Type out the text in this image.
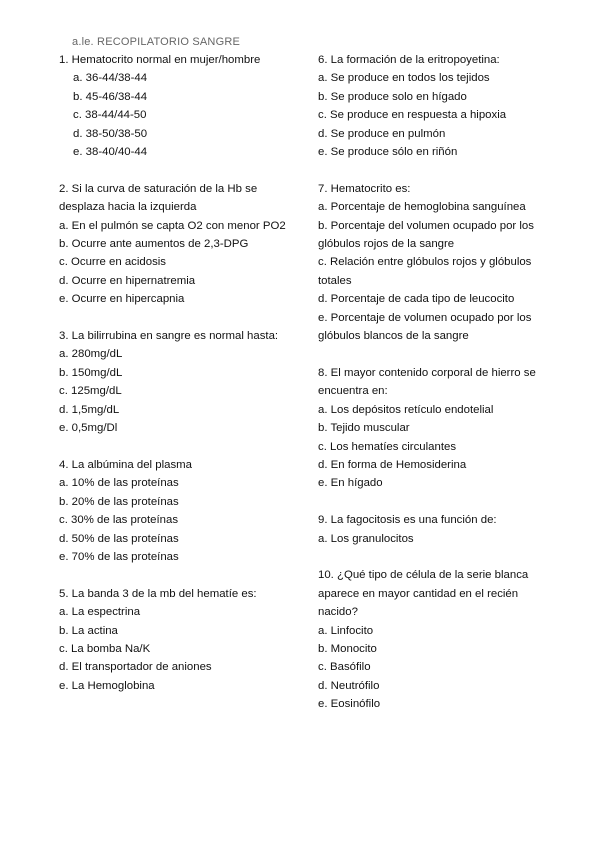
a.le. RECOPILATORIO SANGRE

1. Hematocrito normal en mujer/hombre

a. 36-44/38-44
b. 45-46/38-44
c. 38-44/44-50
d. 38-50/38-50
e. 38-40/40-44

2. Si la curva de saturación de la Hb se desplaza hacia la izquierda

a. En el pulmón se capta O2 con menor PO2
b. Ocurre ante aumentos de 2,3-DPG
c. Ocurre en acidosis
d. Ocurre en hipernatremia
e. Ocurre en hipercapnia

3. La bilirrubina en sangre es normal hasta:

a. 280mg/dL
b. 150mg/dL
c. 125mg/dL
d. 1,5mg/dL
e. 0,5mg/Dl

4. La albúmina del plasma

a. 10% de las proteínas
b. 20% de las proteínas
c. 30% de las proteínas
d. 50% de las proteínas
e. 70% de las proteínas

5. La banda 3 de la mb del hematíe es:

a. La espectrina
b. La actina
c. La bomba Na/K
d. El transportador de aniones
e. La Hemoglobina

6. La formación de la eritropoyetina:

a. Se produce en todos los tejidos
b. Se produce solo en hígado
c. Se produce en respuesta a hipoxia
d. Se produce en pulmón
e. Se produce sólo en riñón

7. Hematocrito es:

a. Porcentaje de hemoglobina sanguínea
b. Porcentaje del volumen ocupado por los glóbulos rojos de la sangre
c. Relación entre glóbulos rojos y glóbulos totales
d. Porcentaje de cada tipo de leucocito
e. Porcentaje de volumen ocupado por los glóbulos blancos de la sangre

8. El mayor contenido corporal de hierro se encuentra en:

a. Los depósitos retículo endotelial
b. Tejido muscular
c. Los hematíes circulantes
d. En forma de Hemosiderina
e. En hígado

9. La fagocitosis es una función de:

a. Los granulocitos

10. ¿Qué tipo de célula de la serie blanca aparece en mayor cantidad en el recién nacido?

a. Linfocito
b. Monocito
c. Basófilo
d. Neutrófilo
e. Eosinófilo
